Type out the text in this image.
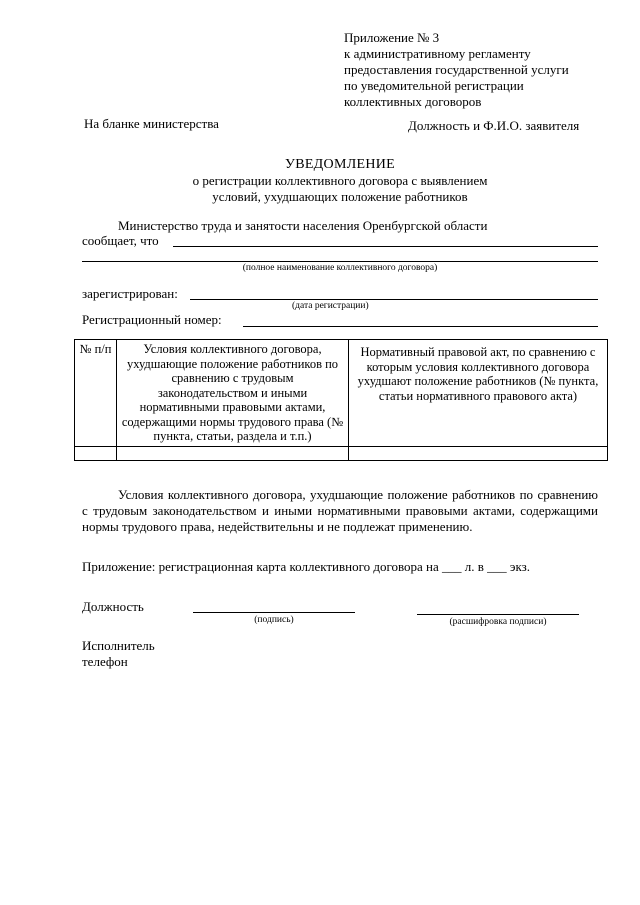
Приложение № 3
к административному регламенту
предоставления государственной услуги
по уведомительной регистрации
коллективных договоров
На бланке министерства	Должность и Ф.И.О. заявителя
УВЕДОМЛЕНИЕ
о регистрации коллективного договора с выявлением
условий, ухудшающих положение работников
Министерство труда и занятости населения Оренбургской области
сообщает, что
(полное наименование коллективного договора)
зарегистрирован:
(дата регистрации)
Регистрационный номер:
№ п/п	Условия коллективного договора, ухудшающие положение работников по сравнению с трудовым законодательством и иными нормативными правовыми актами, содержащими нормы трудового права (№ пункта, статьи, раздела и т.п.)	Нормативный правовой акт, по сравнению с которым условия коллективного договора ухудшают положение работников (№ пункта, статьи нормативного правового акта)

Условия коллективного договора, ухудшающие положение работников по сравнению с трудовым законодательством и иными нормативными правовыми актами, содержащими нормы трудового права, недействительны и не подлежат применению.
Приложение: регистрационная карта коллективного договора на ___ л. в ___ экз.
Должность
(подпись)	(расшифровка подписи)
Исполнитель
телефон
